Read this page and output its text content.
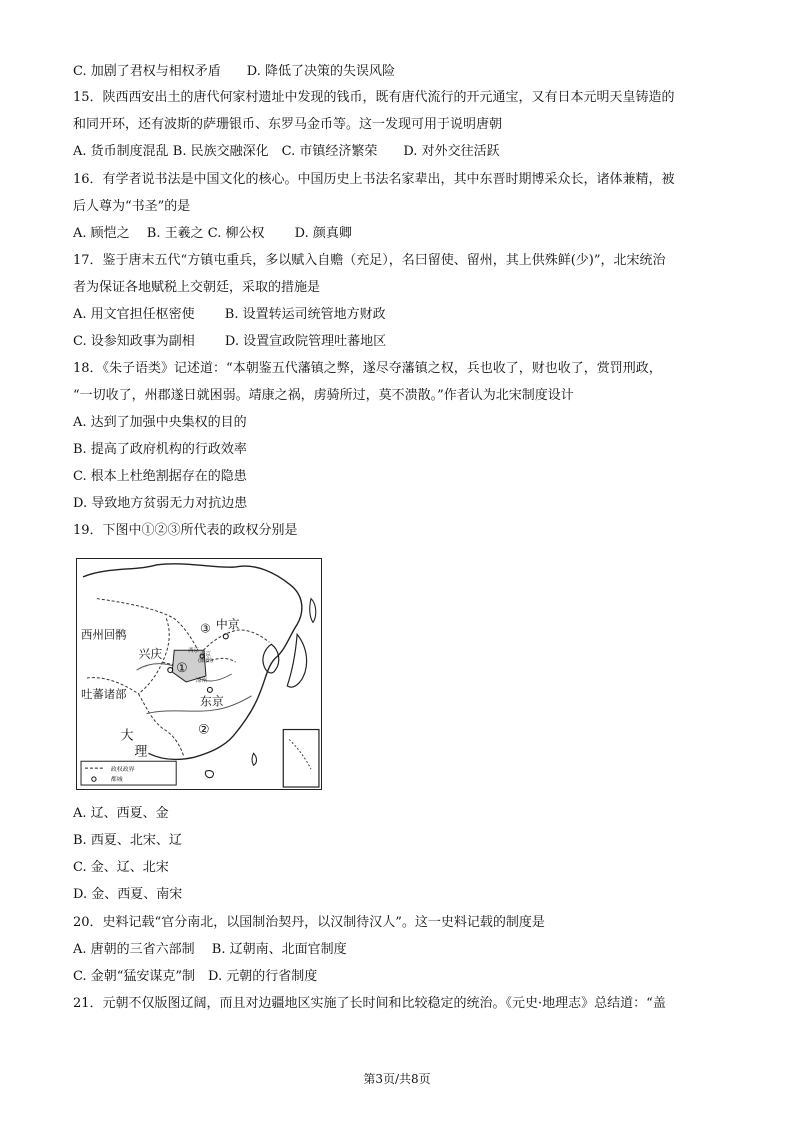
C. 加剧了君权与相权矛盾　　D. 降低了决策的失误风险
15．陕西西安出土的唐代何家村遗址中发现的钱币，既有唐代流行的开元通宝，又有日本元明天皇铸造的
和同开环，还有波斯的萨珊银币、东罗马金币等。这一发现可用于说明唐朝
A. 货币制度混乱 B. 民族交融深化　C. 市镇经济繁荣　　D. 对外交往活跃
16．有学者说书法是中国文化的核心。中国历史上书法名家辈出，其中东晋时期博采众长，诸体兼精，被
后人尊为“书圣”的是
A. 顾恺之　 B. 王羲之 C. 柳公权　　 D. 颜真卿
17．鉴于唐末五代“方镇屯重兵，多以赋入自赡（充足），名曰留使、留州，其上供殊鲜(少)”，北宋统治
者为保证各地赋税上交朝廷，采取的措施是
A. 用文官担任枢密使　　 B. 设置转运司统管地方财政
C. 设参知政事为副相　　 D. 设置宣政院管理吐蕃地区
18．《朱子语类》记述道：“本朝鉴五代藩镇之弊，遂尽夺藩镇之权，兵也收了，财也收了，赏罚刑政，
“一切收了，州郡遂日就困弱。靖康之祸，虏骑所过，莫不溃散。”作者认为北宋制度设计
A. 达到了加强中央集权的目的
B. 提高了政府机构的行政效率
C. 根本上杜绝割据存在的隐患
D. 导致地方贫弱无力对抗边患
19．下图中①②③所代表的政权分别是
中京
③
西州回鹘
兴庆
①
南京
(幽州)
西京
凉州
吐蕃诸部
东京
②
大
理
政权政界
都城
A. 辽、西夏、金
B. 西夏、北宋、辽
C. 金、辽、北宋
D. 金、西夏、南宋
20．史料记载“官分南北，以国制治契丹，以汉制待汉人”。这一史料记载的制度是
A. 唐朝的三省六部制　 B. 辽朝南、北面官制度
C. 金朝“猛安谋克”制　D. 元朝的行省制度
21．元朝不仅版图辽阔，而且对边疆地区实施了长时间和比较稳定的统治。《元史·地理志》总结道：“盖
第3页/共8页
